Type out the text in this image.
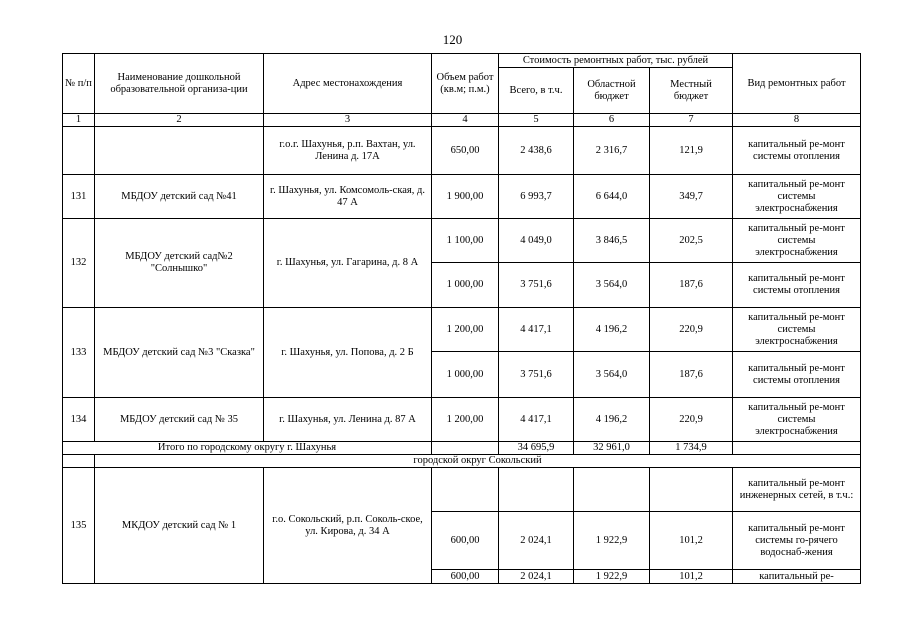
120
№ п/п	Наименование дошкольной образовательной организа-ции	Адрес местонахождения	Объем работ (кв.м; п.м.)	Стоимость ремонтных работ, тыс. рублей			Вид ремонтных работ
				Всего, в т.ч.	Областной бюджет	Местный бюджет	
1	2	3	4	5	6	7	8
		г.о.г. Шахунья, р.п. Вахтан, ул. Ленина д. 17А	650,00	2 438,6	2 316,7	121,9	капитальный ре-монт системы отопления
131	МБДОУ детский сад №41	г. Шахунья, ул. Комсомоль-ская, д. 47 А	1 900,00	6 993,7	6 644,0	349,7	капитальный ре-монт системы электроснабжения
132	МБДОУ детский сад№2 "Солнышко"	г. Шахунья, ул. Гагарина, д. 8 А	1 100,00	4 049,0	3 846,5	202,5	капитальный ре-монт системы электроснабжения
			1 000,00	3 751,6	3 564,0	187,6	капитальный ре-монт системы отопления
133	МБДОУ детский сад №3 "Сказка"	г. Шахунья, ул. Попова, д. 2 Б	1 200,00	4 417,1	4 196,2	220,9	капитальный ре-монт системы электроснабжения
			1 000,00	3 751,6	3 564,0	187,6	капитальный ре-монт системы отопления
134	МБДОУ детский сад № 35	г. Шахунья, ул. Ленина д. 87 А	1 200,00	4 417,1	4 196,2	220,9	капитальный ре-монт системы электроснабжения
Итого по городскому округу г. Шахунья				34 695,9	32 961,0	1 734,9	
	городской округ Сокольский						
135	МКДОУ детский сад № 1	г.о. Сокольский, р.п. Соколь-ское, ул. Кирова, д. 34 А					капитальный ре-монт инженерных сетей, в т.ч.:
			600,00	2 024,1	1 922,9	101,2	капитальный ре-монт системы го-рячего водоснаб-жения
			600,00	2 024,1	1 922,9	101,2	капитальный ре-
